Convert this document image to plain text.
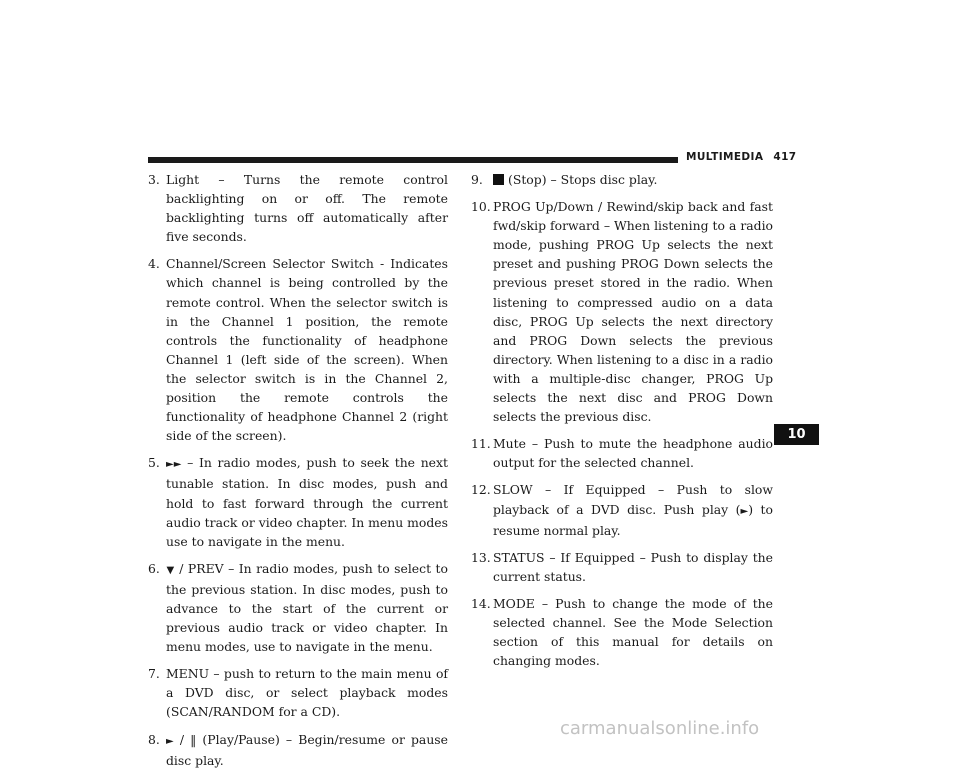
MULTIMEDIA 417
10
3. Light – Turns the remote control backlighting on or off. The remote backlighting turns off automatically after five seconds.
4. Channel/Screen Selector Switch - Indicates which channel is being controlled by the remote control. When the selector switch is in the Channel 1 position, the remote controls the functionality of headphone Channel 1 (left side of the screen). When the selector switch is in the Channel 2, position the remote controls the functionality of headphone Channel 2 (right side of the screen).
5. ►► – In radio modes, push to seek the next tunable station. In disc modes, push and hold to fast forward through the current audio track or video chapter. In menu modes use to navigate in the menu.
6. ▼ / PREV – In radio modes, push to select to the previous station. In disc modes, push to advance to the start of the current or previous audio track or video chapter. In menu modes, use to navigate in the menu.
7. MENU – push to return to the main menu of a DVD disc, or select playback modes (SCAN/RANDOM for a CD).
8. ► / ‖ (Play/Pause) – Begin/resume or pause disc play.
9. (Stop) – Stops disc play.
10. PROG Up/Down / Rewind/skip back and fast fwd/skip forward – When listening to a radio mode, pushing PROG Up selects the next preset and pushing PROG Down selects the previous preset stored in the radio. When listening to compressed audio on a data disc, PROG Up selects the next directory and PROG Down selects the previous directory. When listening to a disc in a radio with a multiple-disc changer, PROG Up selects the next disc and PROG Down selects the previous disc.
11. Mute – Push to mute the headphone audio output for the selected channel.
12. SLOW – If Equipped – Push to slow playback of a DVD disc. Push play (►) to resume normal play.
13. STATUS – If Equipped – Push to display the current status.
14. MODE – Push to change the mode of the selected channel. See the Mode Selection section of this manual for details on changing modes.
carmanualsonline.info
